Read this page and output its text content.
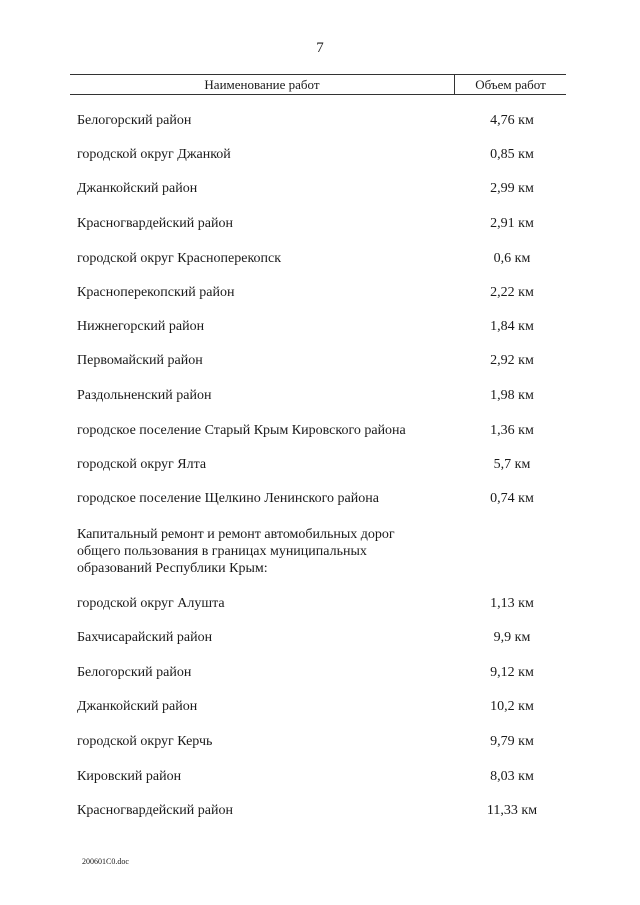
7
Наименование работ	Объем работ
Белогорский район	4,76 км
городской округ Джанкой	0,85 км
Джанкойский район	2,99 км
Красногвардейский район	2,91 км
городской округ Красноперекопск	0,6 км
Красноперекопский район	2,22 км
Нижнегорский район	1,84 км
Первомайский район	2,92 км
Раздольненский район	1,98 км
городское поселение Старый Крым Кировского района	1,36 км
городской округ Ялта	5,7 км
городское поселение Щелкино Ленинского района	0,74 км
Капитальный ремонт и ремонт автомобильных дорог
общего пользования в границах муниципальных
образований Республики Крым:
городской округ Алушта	1,13 км
Бахчисарайский район	9,9 км
Белогорский район	9,12 км
Джанкойский район	10,2 км
городской округ Керчь	9,79 км
Кировский район	8,03 км
Красногвардейский район	11,33 км
200601C0.doc
